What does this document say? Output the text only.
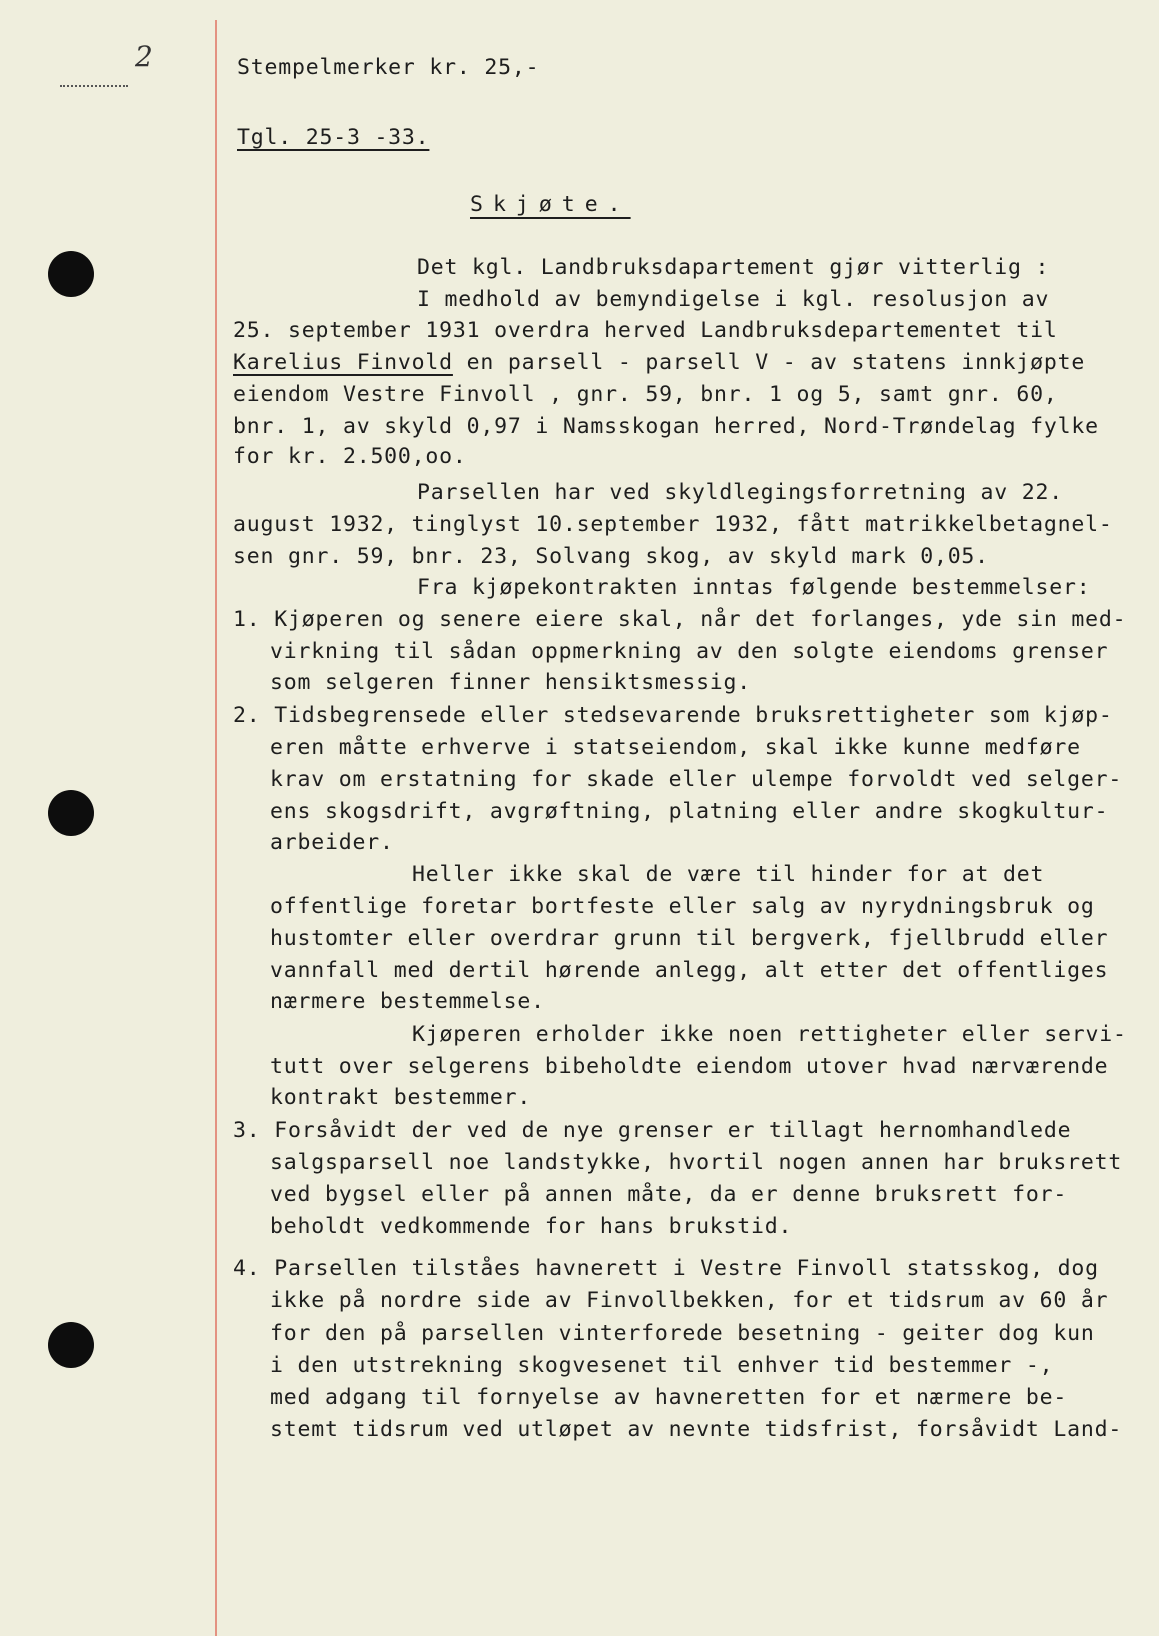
2	Stempelmerker kr. 25,-
Tgl. 25-3 -33.
Skjøte.
Det kgl. Landbruksdapartement gjør vitterlig :
I medhold av bemyndigelse i kgl. resolusjon av
25. september 1931 overdra herved Landbruksdepartementet til
Karelius Finvold en parsell - parsell V - av statens innkjøpte
eiendom Vestre Finvoll , gnr. 59, bnr. 1 og 5, samt gnr. 60,
bnr. 1, av skyld 0,97 i Namsskogan herred, Nord-Trøndelag fylke
for kr. 2.500,oo.
Parsellen har ved skyldlegingsforretning av 22.
august 1932, tinglyst 10.september 1932, fått matrikkelbetagnel-
sen gnr. 59, bnr. 23, Solvang skog, av skyld mark 0,05.
Fra kjøpekontrakten inntas følgende bestemmelser:
1. Kjøperen og senere eiere skal, når det forlanges, yde sin med-
virkning til sådan oppmerkning av den solgte eiendoms grenser
som selgeren finner hensiktsmessig.
2. Tidsbegrensede eller stedsevarende bruksrettigheter som kjøp-
eren måtte erhverve i statseiendom, skal ikke kunne medføre
krav om erstatning for skade eller ulempe forvoldt ved selger-
ens skogsdrift, avgrøftning, platning eller andre skogkultur-
arbeider.
Heller ikke skal de være til hinder for at det
offentlige foretar bortfeste eller salg av nyrydningsbruk og
hustomter eller overdrar grunn til bergverk, fjellbrudd eller
vannfall med dertil hørende anlegg, alt etter det offentliges
nærmere bestemmelse.
Kjøperen erholder ikke noen rettigheter eller servi-
tutt over selgerens bibeholdte eiendom utover hvad nærværende
kontrakt bestemmer.
3. Forsåvidt der ved de nye grenser er tillagt hernomhandlede
salgsparsell noe landstykke, hvortil nogen annen har bruksrett
ved bygsel eller på annen måte, da er denne bruksrett for-
beholdt vedkommende for hans brukstid.
4. Parsellen tilståes havnerett i Vestre Finvoll statsskog, dog
ikke på nordre side av Finvollbekken, for et tidsrum av 60 år
for den på parsellen vinterforede besetning - geiter dog kun
i den utstrekning skogvesenet til enhver tid bestemmer -,
med adgang til fornyelse av havneretten for et nærmere be-
stemt tidsrum ved utløpet av nevnte tidsfrist, forsåvidt Land-
